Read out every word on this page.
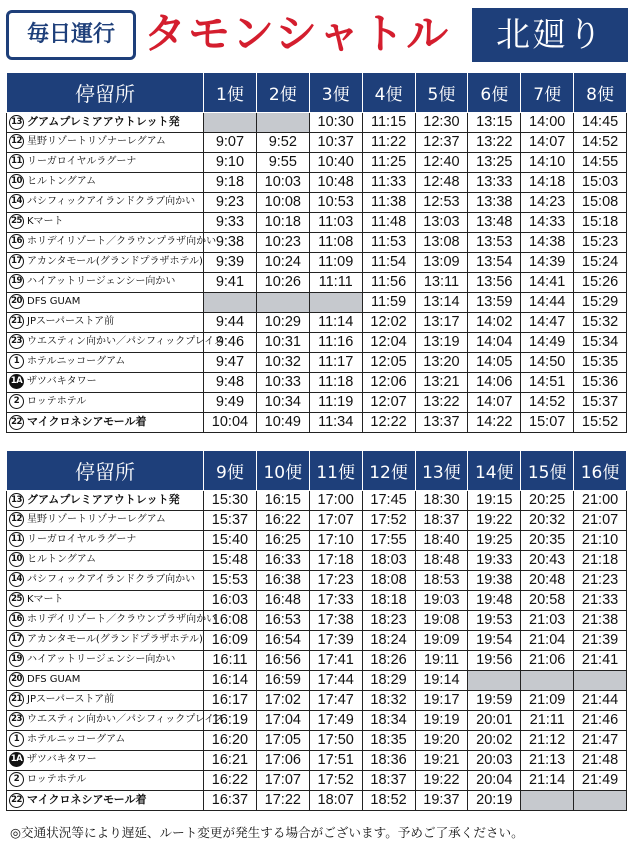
毎日運行 タモンシャトル	北廻り
停留所	1便	2便	3便	4便	5便	6便	7便	8便
13 グアムプレミアアウトレット発			10:30	11:15	12:30	13:15	14:00	14:45
12 星野リゾートリゾナーレグアム	9:07	9:52	10:37	11:22	12:37	13:22	14:07	14:52
11 リーガロイヤルラグーナ	9:10	9:55	10:40	11:25	12:40	13:25	14:10	14:55
10 ヒルトングアム	9:18	10:03	10:48	11:33	12:48	13:33	14:18	15:03
14 パシフィックアイランドクラブ向かい	9:23	10:08	10:53	11:38	12:53	13:38	14:23	15:08
25 Kマート	9:33	10:18	11:03	11:48	13:03	13:48	14:33	15:18
16 ホリデイリゾート／クラウンプラザ向かい	9:38	10:23	11:08	11:53	13:08	13:53	14:38	15:23
17 アカンタモール(グランドプラザホテル)	9:39	10:24	11:09	11:54	13:09	13:54	14:39	15:24
19 ハイアットリージェンシー向かい	9:41	10:26	11:11	11:56	13:11	13:56	14:41	15:26
20 DFS GUAM				11:59	13:14	13:59	14:44	15:29
21 JPスーパーストア前	9:44	10:29	11:14	12:02	13:17	14:02	14:47	15:32
23 ウエスティン向かい／パシフィックプレイス	9:46	10:31	11:16	12:04	13:19	14:04	14:49	15:34
1 ホテルニッコーグアム	9:47	10:32	11:17	12:05	13:20	14:05	14:50	15:35
1A ザツバキタワー	9:48	10:33	11:18	12:06	13:21	14:06	14:51	15:36
2 ロッテホテル	9:49	10:34	11:19	12:07	13:22	14:07	14:52	15:37
22 マイクロネシアモール着	10:04	10:49	11:34	12:22	13:37	14:22	15:07	15:52
停留所	9便	10便	11便	12便	13便	14便	15便	16便
13 グアムプレミアアウトレット発	15:30	16:15	17:00	17:45	18:30	19:15	20:25	21:00
12 星野リゾートリゾナーレグアム	15:37	16:22	17:07	17:52	18:37	19:22	20:32	21:07
11 リーガロイヤルラグーナ	15:40	16:25	17:10	17:55	18:40	19:25	20:35	21:10
10 ヒルトングアム	15:48	16:33	17:18	18:03	18:48	19:33	20:43	21:18
14 パシフィックアイランドクラブ向かい	15:53	16:38	17:23	18:08	18:53	19:38	20:48	21:23
25 Kマート	16:03	16:48	17:33	18:18	19:03	19:48	20:58	21:33
16 ホリデイリゾート／クラウンプラザ向かい	16:08	16:53	17:38	18:23	19:08	19:53	21:03	21:38
17 アカンタモール(グランドプラザホテル)	16:09	16:54	17:39	18:24	19:09	19:54	21:04	21:39
19 ハイアットリージェンシー向かい	16:11	16:56	17:41	18:26	19:11	19:56	21:06	21:41
20 DFS GUAM	16:14	16:59	17:44	18:29	19:14			
21 JPスーパーストア前	16:17	17:02	17:47	18:32	19:17	19:59	21:09	21:44
23 ウエスティン向かい／パシフィックプレイス	16:19	17:04	17:49	18:34	19:19	20:01	21:11	21:46
1 ホテルニッコーグアム	16:20	17:05	17:50	18:35	19:20	20:02	21:12	21:47
1A ザツバキタワー	16:21	17:06	17:51	18:36	19:21	20:03	21:13	21:48
2 ロッテホテル	16:22	17:07	17:52	18:37	19:22	20:04	21:14	21:49
22 マイクロネシアモール着	16:37	17:22	18:07	18:52	19:37	20:19		
◎交通状況等により遅延、ルート変更が発生する場合がございます。予めご了承ください。
